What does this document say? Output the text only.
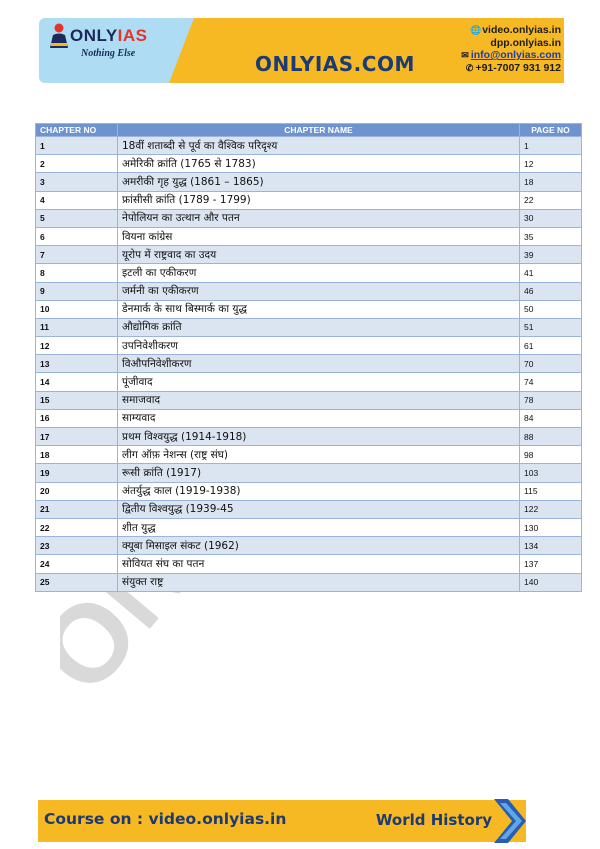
ONLYIAS
Nothing Else	ONLYIAS.COM
🌐video.onlyias.in
dpp.onlyias.in
✉ info@onlyias.com
✆ +91-7007 931 912
CHAPTER NO	CHAPTER NAME	PAGE NO
1	18वीं शताब्दी से पूर्व का वैश्विक परिदृश्य	1
2	अमेरिकी क्रांति (1765 से 1783)	12
3	अमरीकी गृह युद्ध (1861 – 1865)	18
4	फ्रांसीसी क्रांति (1789 - 1799)	22
5	नेपोलियन का उत्थान और पतन	30
6	वियना कांग्रेस	35
7	यूरोप में राष्ट्रवाद का उदय	39
8	इटली का एकीकरण	41
9	जर्मनी का एकीकरण	46
10	डेनमार्क के साथ बिस्मार्क का युद्ध	50
11	औद्योगिक क्रांति	51
12	उपनिवेशीकरण	61
13	विऔपनिवेशीकरण	70
14	पूंजीवाद	74
15	समाजवाद	78
16	साम्यवाद	84
17	प्रथम विश्वयुद्ध (1914-1918)	88
18	लीग ऑफ़ नेशन्स (राष्ट्र संघ)	98
19	रूसी क्रांति (1917)	103
20	अंतर्युद्ध काल (1919-1938)	115
21	द्वितीय विश्वयुद्ध (1939-45	122
22	शीत युद्ध	130
23	क्यूबा मिसाइल संकट (1962)	134
24	सोवियत संघ का पतन	137
25	संयुक्त राष्ट्र	140
Course on : video.onlyias.in	World History
